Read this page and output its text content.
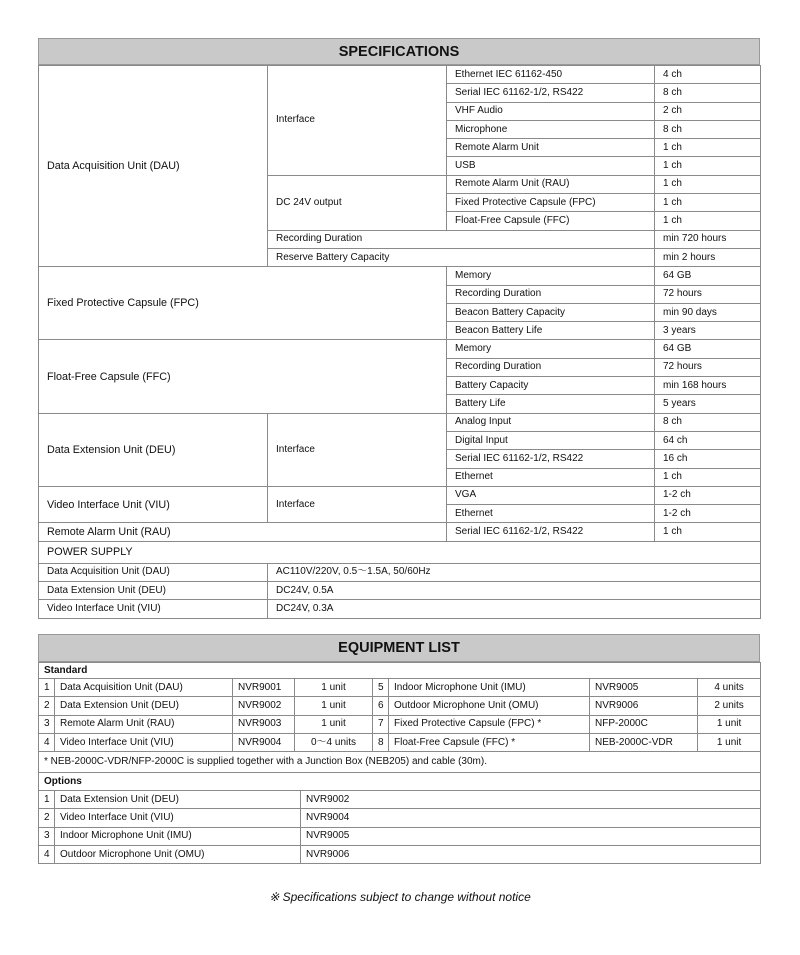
SPECIFICATIONS
Data Acquisition Unit (DAU)	Interface	Ethernet IEC 61162-450	4 ch
		Serial IEC 61162-1/2, RS422	8 ch
		VHF Audio	2 ch
		Microphone	8 ch
		Remote Alarm Unit	1 ch
		USB	1 ch
	DC 24V output	Remote Alarm Unit (RAU)	1 ch
		Fixed Protective Capsule (FPC)	1 ch
		Float-Free Capsule (FFC)	1 ch
	Recording Duration		min 720 hours
	Reserve Battery Capacity		min 2 hours
Fixed Protective Capsule (FPC)		Memory	64 GB
		Recording Duration	72 hours
		Beacon Battery Capacity	min 90 days
		Beacon Battery Life	3 years
Float-Free Capsule (FFC)		Memory	64 GB
		Recording Duration	72 hours
		Battery Capacity	min 168 hours
		Battery Life	5 years
Data Extension Unit (DEU)	Interface	Analog Input	8 ch
		Digital Input	64 ch
		Serial IEC 61162-1/2, RS422	16 ch
		Ethernet	1 ch
Video Interface Unit (VIU)	Interface	VGA	1-2 ch
		Ethernet	1-2 ch
Remote Alarm Unit (RAU)		Serial IEC 61162-1/2, RS422	1 ch
POWER SUPPLY			
Data Acquisition Unit (DAU)	AC110V/220V, 0.5～1.5A, 50/60Hz		
Data Extension Unit (DEU)	DC24V, 0.5A		
Video Interface Unit (VIU)	DC24V, 0.3A		
EQUIPMENT LIST
Standard							
1	Data Acquisition Unit (DAU)	NVR9001	1 unit	5	Indoor Microphone Unit (IMU)	NVR9005	4 units
2	Data Extension Unit (DEU)	NVR9002	1 unit	6	Outdoor Microphone Unit (OMU)	NVR9006	2 units
3	Remote Alarm Unit (RAU)	NVR9003	1 unit	7	Fixed Protective Capsule (FPC) *	NFP-2000C	1 unit
4	Video Interface Unit (VIU)	NVR9004	0～4 units	8	Float-Free Capsule (FFC) *	NEB-2000C-VDR	1 unit
* NEB-2000C-VDR/NFP-2000C is supplied together with a Junction Box (NEB205) and cable (30m).							
Options							
1	Data Extension Unit (DEU)	NVR9002
2	Video Interface Unit (VIU)	NVR9004
3	Indoor Microphone Unit (IMU)	NVR9005
4	Outdoor Microphone Unit (OMU)	NVR9006
※ Specifications subject to change without notice
